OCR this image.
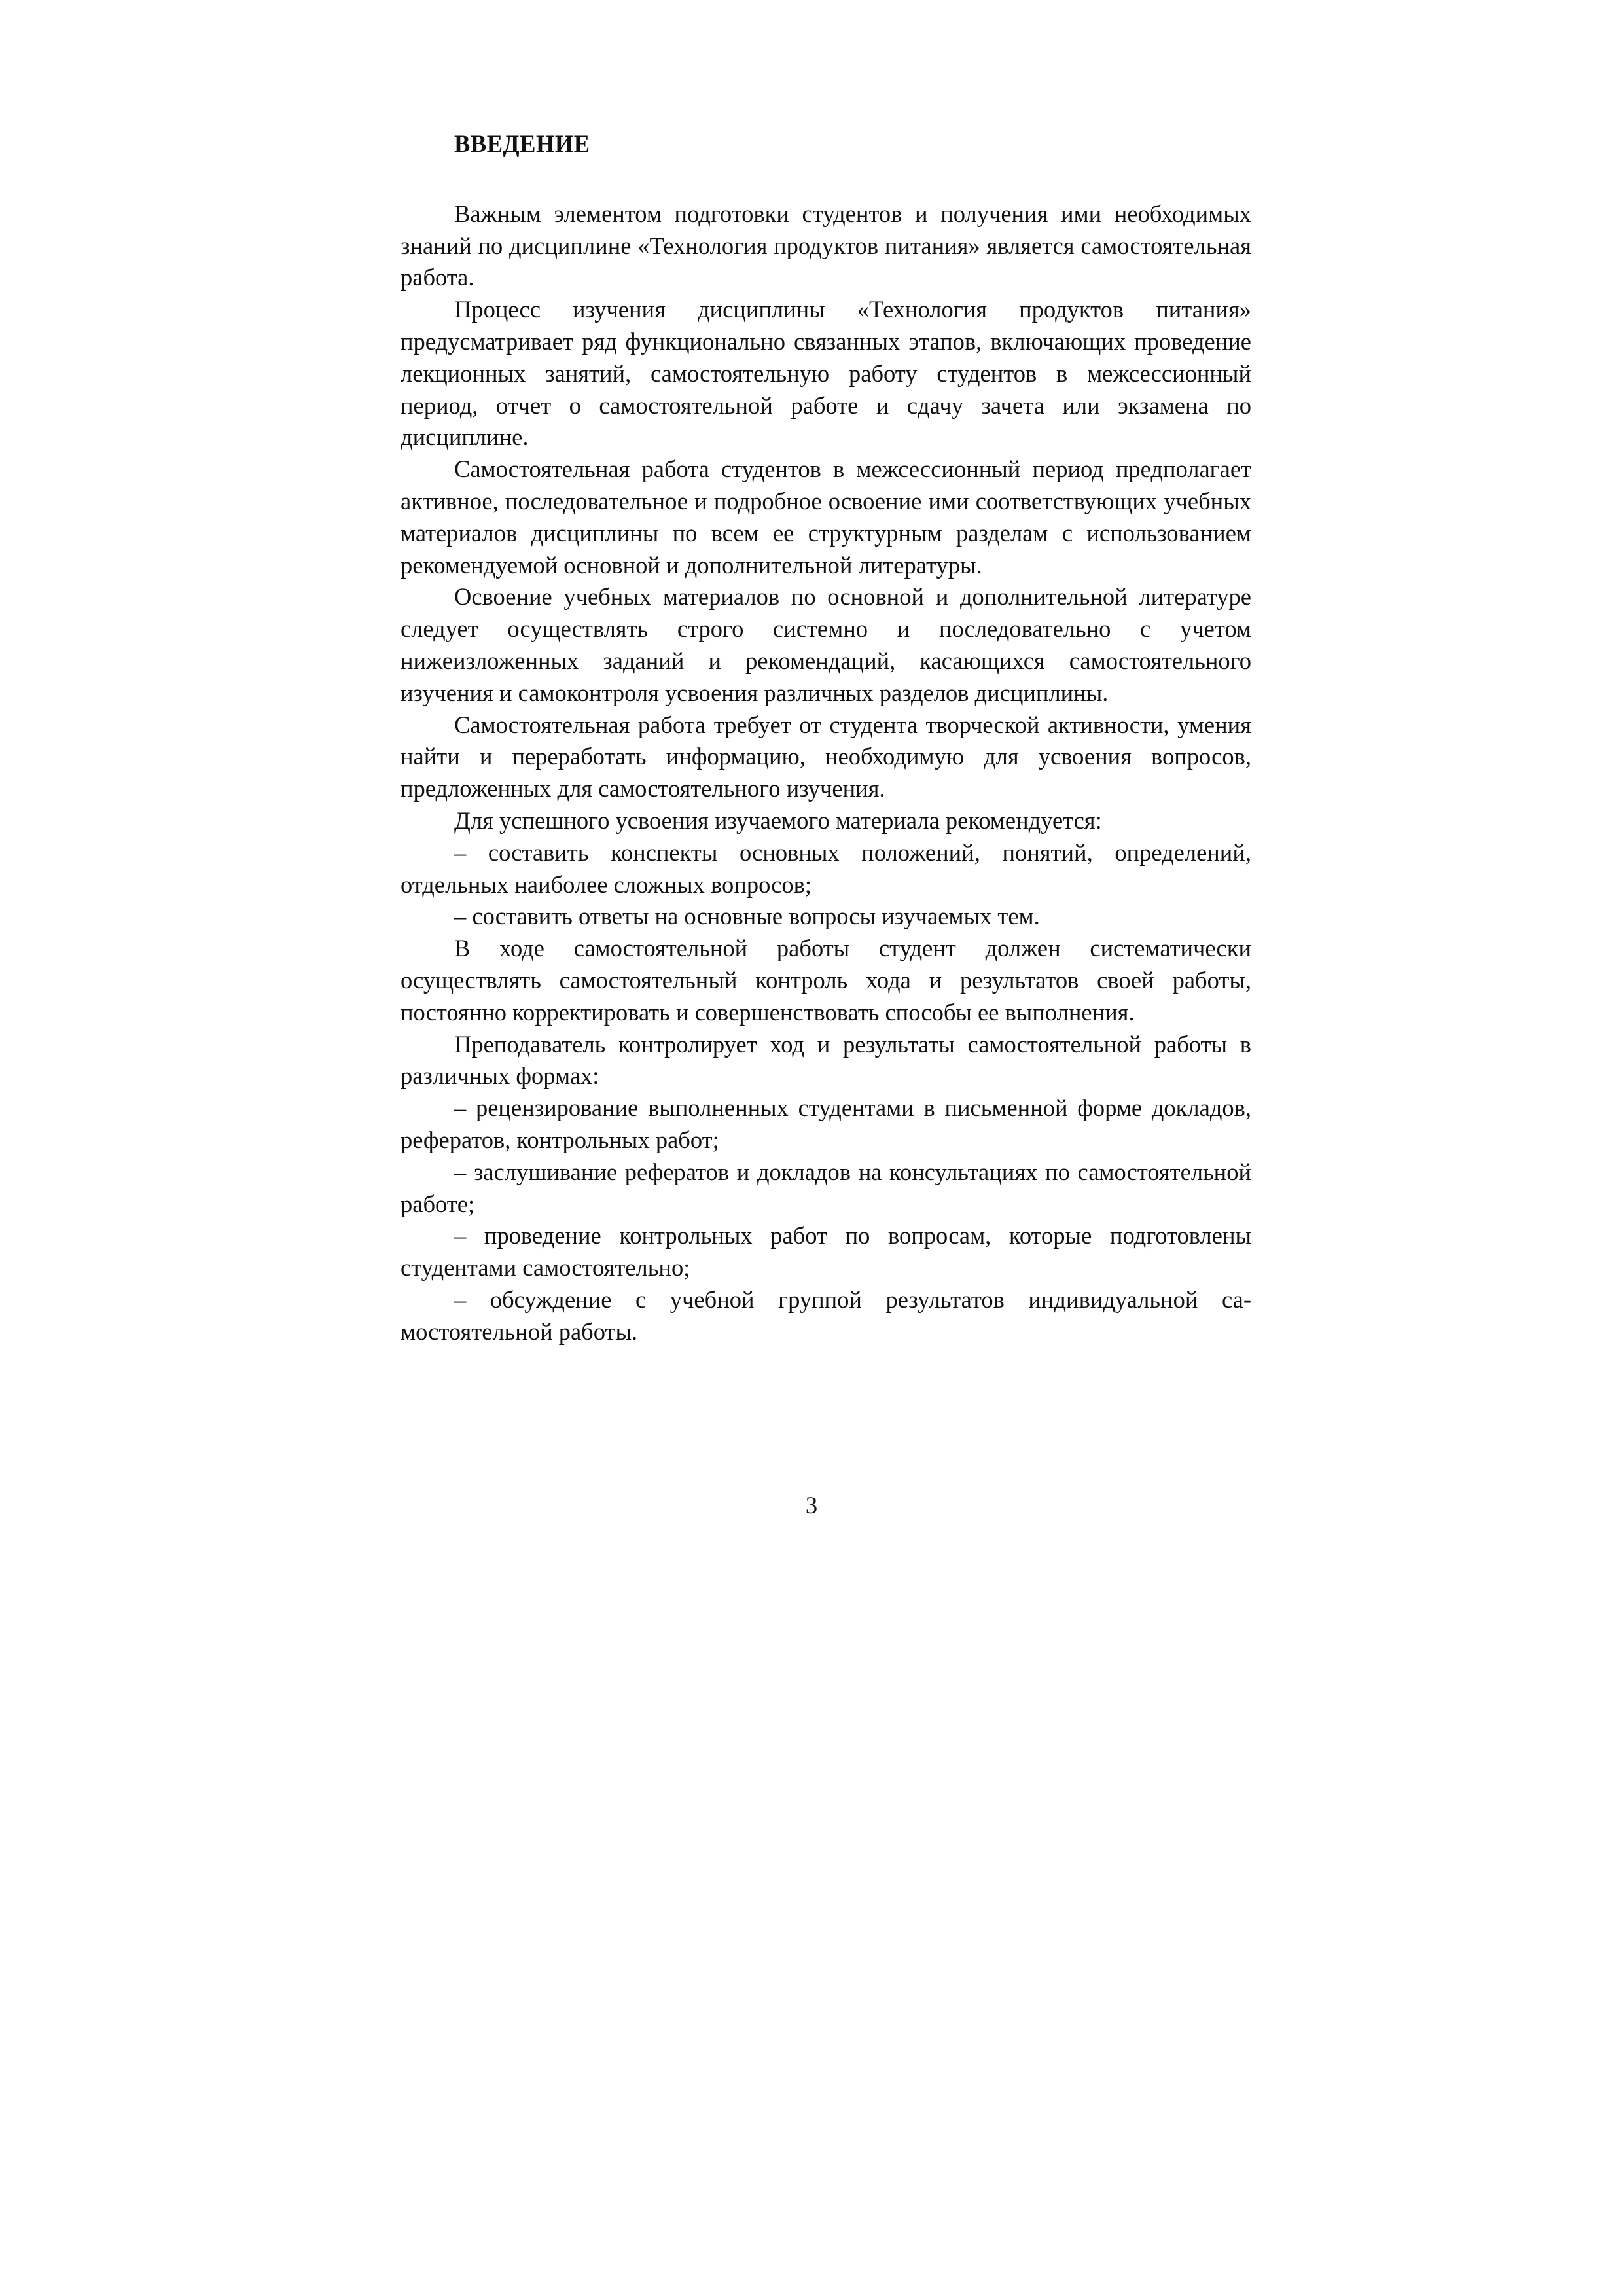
ВВЕДЕНИЕ

Важным элементом подготовки студентов и получения ими необходимых знаний по дисциплине «Технология продуктов питания» является самостоятельная работа.

Процесс изучения дисциплины «Технология продуктов питания» предусматривает ряд функционально связанных этапов, включающих проведение лекционных занятий, самостоятельную работу студентов в межсессионный период, отчет о самостоятельной работе и сдачу зачета или экзамена по дисциплине.

Самостоятельная работа студентов в межсессионный период предполагает активное, последовательное и подробное освоение ими соответствующих учебных материалов дисциплины по всем ее структурным разделам с использованием рекомендуемой основной и дополнительной литературы.

Освоение учебных материалов по основной и дополнительной литературе следует осуществлять строго системно и последовательно с учетом нижеизложенных заданий и рекомендаций, касающихся самостоятельного изучения и самоконтроля усвоения различных разделов дисциплины.

Самостоятельная работа требует от студента творческой активности, умения найти и переработать информацию, необходимую для усвоения вопросов, предложенных для самостоятельного изучения.

Для успешного усвоения изучаемого материала рекомендуется:

– составить конспекты основных положений, понятий, определений, отдельных наиболее сложных вопросов;

– составить ответы на основные вопросы изучаемых тем.

В ходе самостоятельной работы студент должен систематически осуществлять самостоятельный контроль хода и результатов своей работы, постоянно корректировать и совершенствовать способы ее выполнения.

Преподаватель контролирует ход и результаты самостоятельной работы в различных формах:

– рецензирование выполненных студентами в письменной форме докладов, рефератов, контрольных работ;

– заслушивание рефератов и докладов на консультациях по самостоятельной работе;

– проведение контрольных работ по вопросам, которые подготовлены студентами самостоятельно;

– обсуждение с учебной группой результатов индивидуальной самостоятельной работы.

3
